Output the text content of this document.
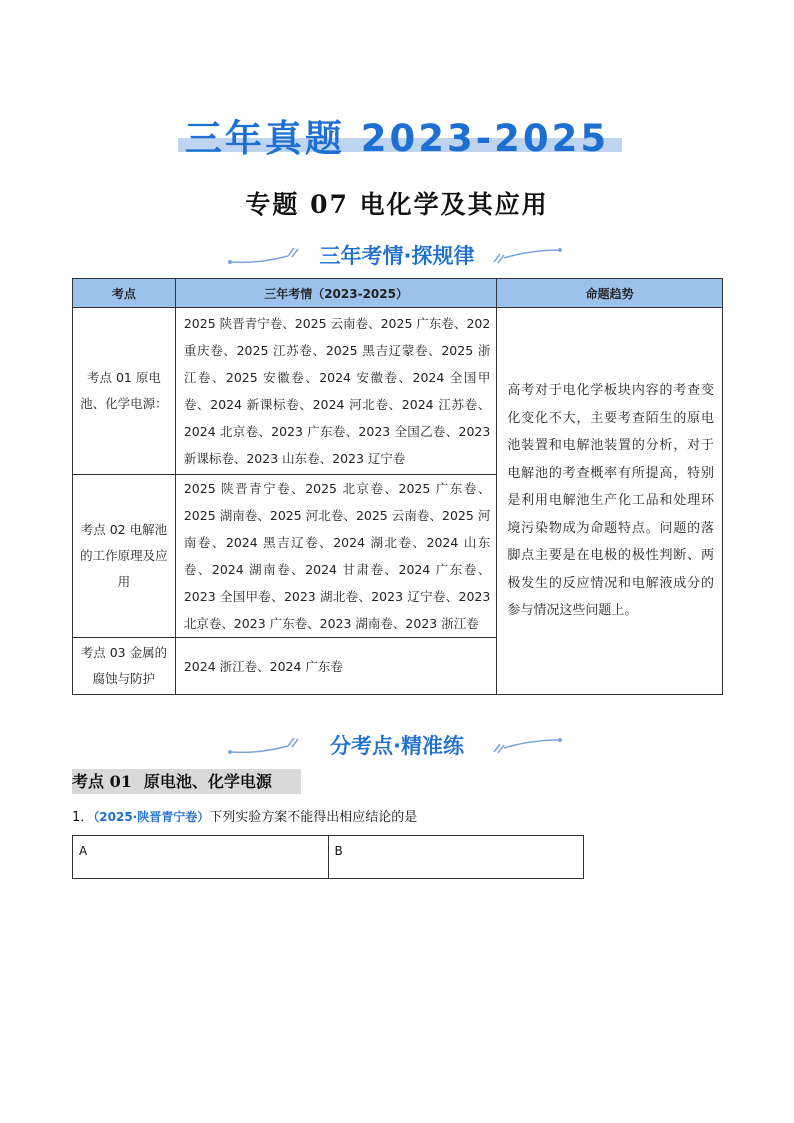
三年真题 2023-2025
专题 07 电化学及其应用
三年考情·探规律
考点	三年考情（2023-2025）	命题趋势
考点 01 原电池、化学电源：	2025 陕晋青宁卷、2025 云南卷、2025 广东卷、202 重庆卷、2025 江苏卷、2025 黑吉辽蒙卷、2025 浙江卷、2025 安徽卷、2024 安徽卷、2024 全国甲卷、2024 新课标卷、2024 河北卷、2024 江苏卷、2024 北京卷、2023 广东卷、2023 全国乙卷、2023 新课标卷、2023 山东卷、2023 辽宁卷	高考对于电化学板块内容的考查变化变化不大，主要考查陌生的原电池装置和电解池装置的分析，对于电解池的考查概率有所提高，特别是利用电解池生产化工品和处理环境污染物成为命题特点。问题的落脚点主要是在电极的极性判断、两极发生的反应情况和电解液成分的参与情况这些问题上。
考点 02 电解池的工作原理及应用	2025 陕晋青宁卷、2025 北京卷、2025 广东卷、2025 湖南卷、2025 河北卷、2025 云南卷、2025 河南卷、2024 黑吉辽卷、2024 湖北卷、2024 山东卷、2024 湖南卷、2024 甘肃卷、2024 广东卷、2023 全国甲卷、2023 湖北卷、2023 辽宁卷、2023 北京卷、2023 广东卷、2023 湖南卷、2023 浙江卷	
考点 03 金属的腐蚀与防护	2024 浙江卷、2024 广东卷	
分考点·精准练
考点 01 原电池、化学电源
1．（2025·陕晋青宁卷）下列实验方案不能得出相应结论的是
A	B
